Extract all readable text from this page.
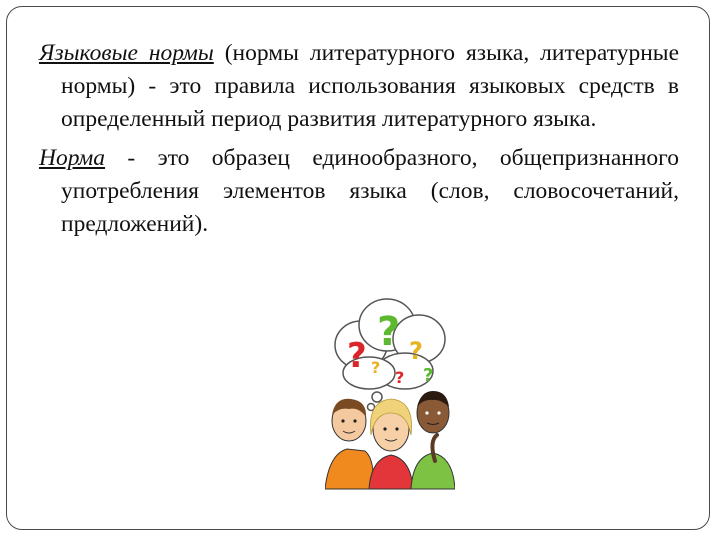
Языковые нормы (нормы литературного языка, литературные нормы) - это правила использования языковых средств в определенный период развития литературного языка.

Норма - это образец единообразного, общепризнанного употребления элементов языка (слов, словосочетаний, предложений).

?
? ?
?
? ?
